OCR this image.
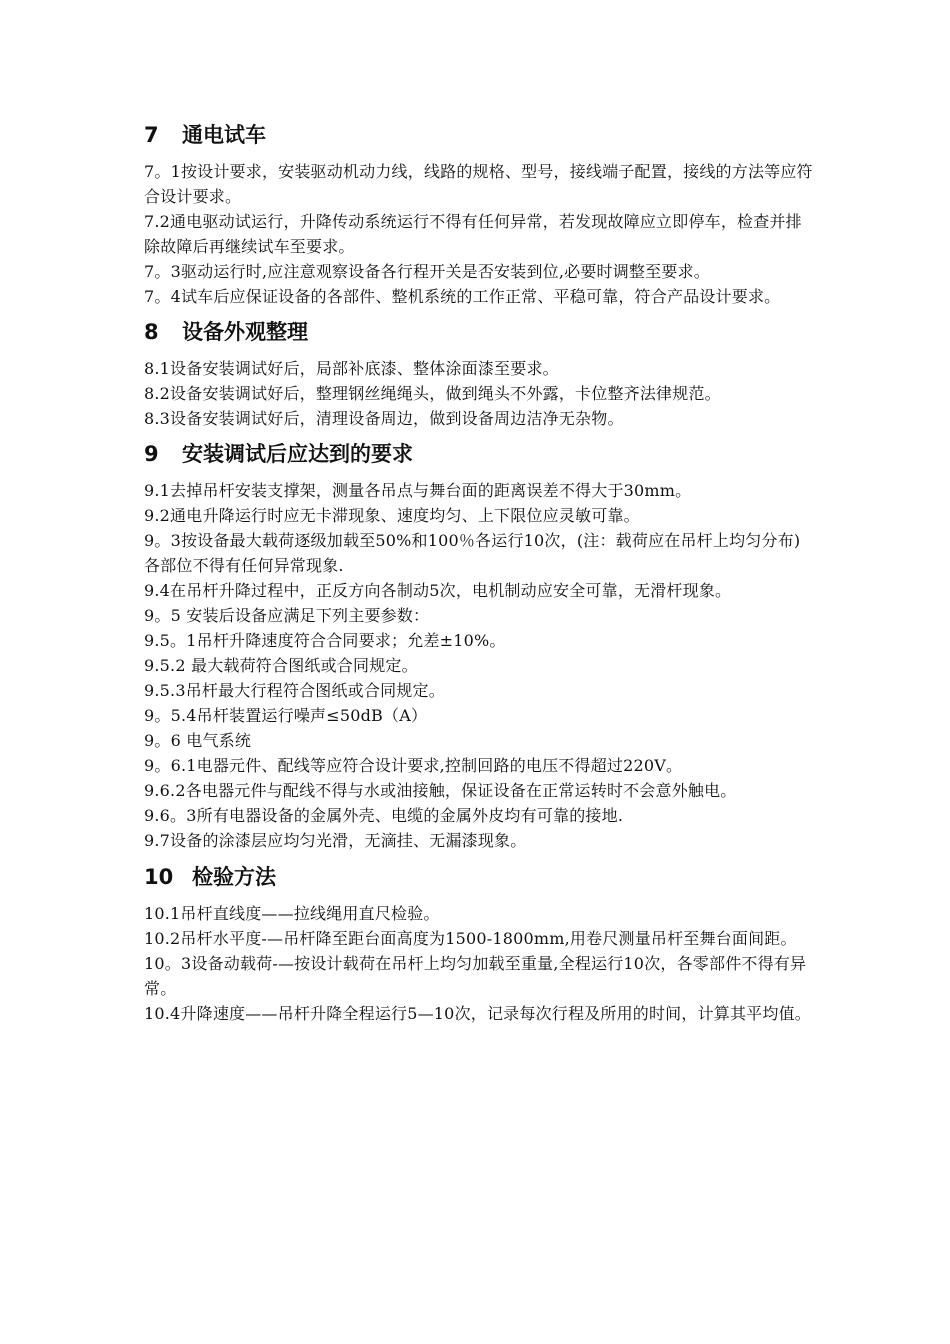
7 通电试车

7。1按设计要求，安装驱动机动力线，线路的规格、型号，接线端子配置，接线的方法等应符合设计要求。

7.2通电驱动试运行，升降传动系统运行不得有任何异常，若发现故障应立即停车，检查并排除故障后再继续试车至要求。

7。3驱动运行时,应注意观察设备各行程开关是否安装到位,必要时调整至要求。

7。4试车后应保证设备的各部件、整机系统的工作正常、平稳可靠，符合产品设计要求。

8 设备外观整理

8.1设备安装调试好后，局部补底漆、整体涂面漆至要求。

8.2设备安装调试好后，整理钢丝绳绳头，做到绳头不外露，卡位整齐法律规范。

8.3设备安装调试好后，清理设备周边，做到设备周边洁净无杂物。

9 安装调试后应达到的要求

9.1去掉吊杆安装支撑架，测量各吊点与舞台面的距离误差不得大于30mm。

9.2通电升降运行时应无卡滞现象、速度均匀、上下限位应灵敏可靠。

9。3按设备最大载荷逐级加载至50%和100％各运行10次，(注：载荷应在吊杆上均匀分布)各部位不得有任何异常现象.

9.4在吊杆升降过程中，正反方向各制动5次，电机制动应安全可靠，无滑杆现象。

9。5 安装后设备应满足下列主要参数：

9.5。1吊杆升降速度符合合同要求；允差±10%。

9.5.2 最大载荷符合图纸或合同规定。

9.5.3吊杆最大行程符合图纸或合同规定。

9。5.4吊杆装置运行噪声≤50dB（A）

9。6 电气系统

9。6.1电器元件、配线等应符合设计要求,控制回路的电压不得超过220V。

9.6.2各电器元件与配线不得与水或油接触，保证设备在正常运转时不会意外触电。

9.6。3所有电器设备的金属外壳、电缆的金属外皮均有可靠的接地.

9.7设备的涂漆层应均匀光滑，无滴挂、无漏漆现象。

10 检验方法

10.1吊杆直线度——拉线绳用直尺检验。

10.2吊杆水平度-—吊杆降至距台面高度为1500-1800mm,用卷尺测量吊杆至舞台面间距。

10。3设备动载荷-—按设计载荷在吊杆上均匀加载至重量,全程运行10次，各零部件不得有异常。

10.4升降速度——吊杆升降全程运行5—10次，记录每次行程及所用的时间，计算其平均值。
